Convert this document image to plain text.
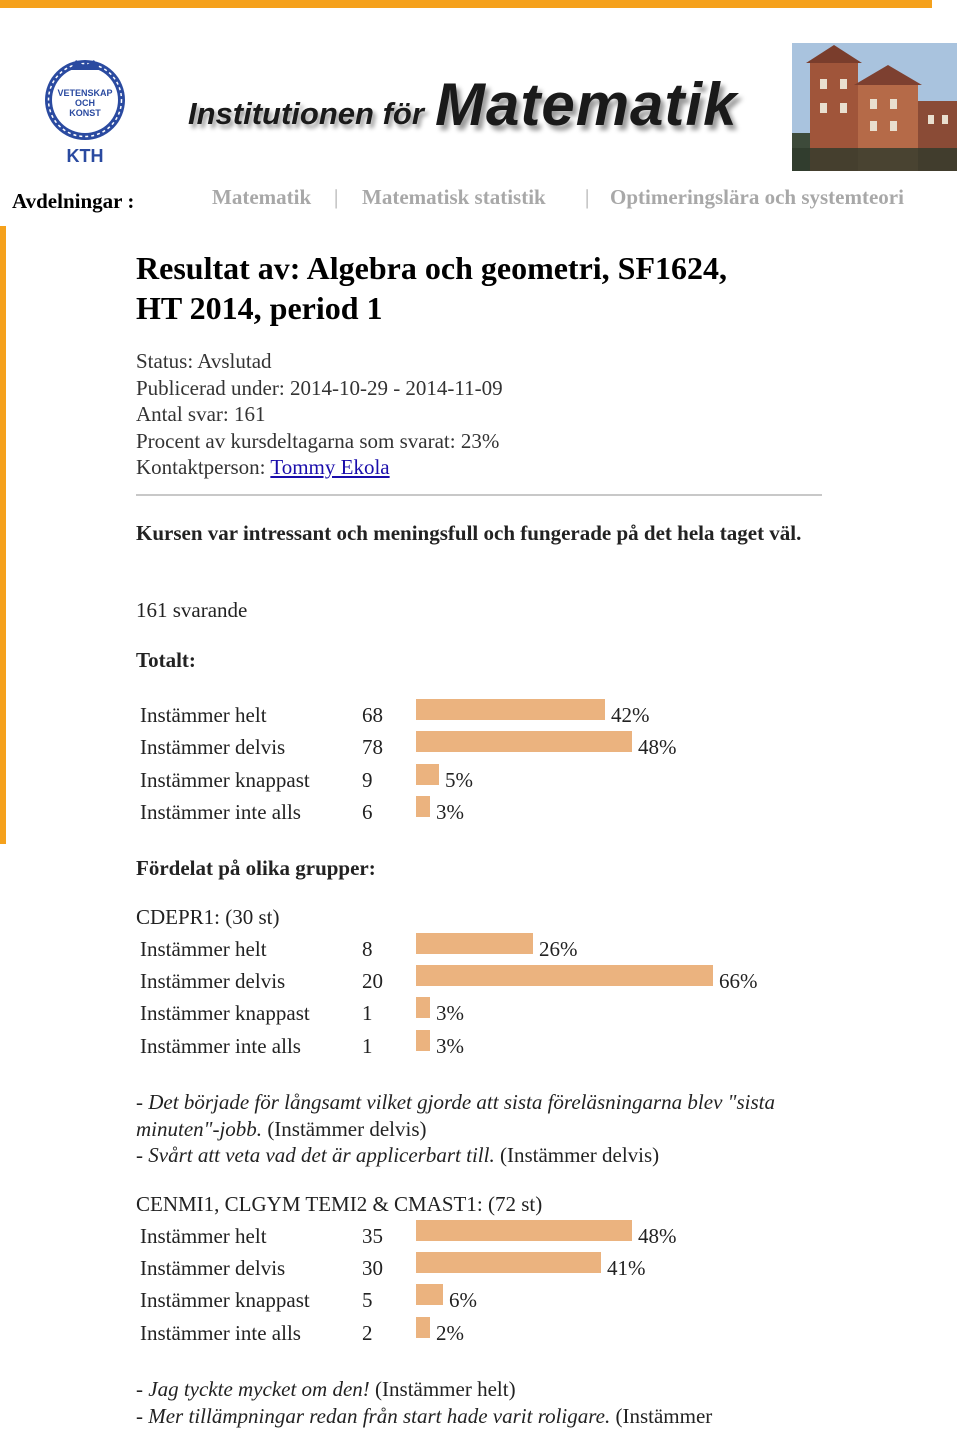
VETENSKAP
OCH
KONST
KTH
Institutionen för Matematik
Avdelningar :	Matematik | Matematisk statistik | Optimeringslära och systemteori
Resultat av: Algebra och geometri, SF1624,
HT 2014, period 1
Status: Avslutad
Publicerad under: 2014-10-29 - 2014-11-09
Antal svar: 161
Procent av kursdeltagarna som svarat: 23%
Kontaktperson: Tommy Ekola
Kursen var intressant och meningsfull och fungerade på det hela taget väl.
161 svarande
Totalt:
Instämmer helt	68	42%
Instämmer delvis	78	48%
Instämmer knappast 9	5%
Instämmer inte alls	6	3%
Fördelat på olika grupper:
CDEPR1: (30 st)
Instämmer helt	8	26%
Instämmer delvis	20	66%
Instämmer knappast 1	3%
Instämmer inte alls	1	3%
- Det började för långsamt vilket gjorde att sista föreläsningarna blev "sista minuten"-jobb. (Instämmer delvis)
- Svårt att veta vad det är applicerbart till. (Instämmer delvis)
CENMI1, CLGYM TEMI2 & CMAST1: (72 st)
Instämmer helt	35	48%
Instämmer delvis	30	41%
Instämmer knappast 5	6%
Instämmer inte alls	2	2%
- Jag tyckte mycket om den! (Instämmer helt)
- Mer tillämpningar redan från start hade varit roligare. (Instämmer
